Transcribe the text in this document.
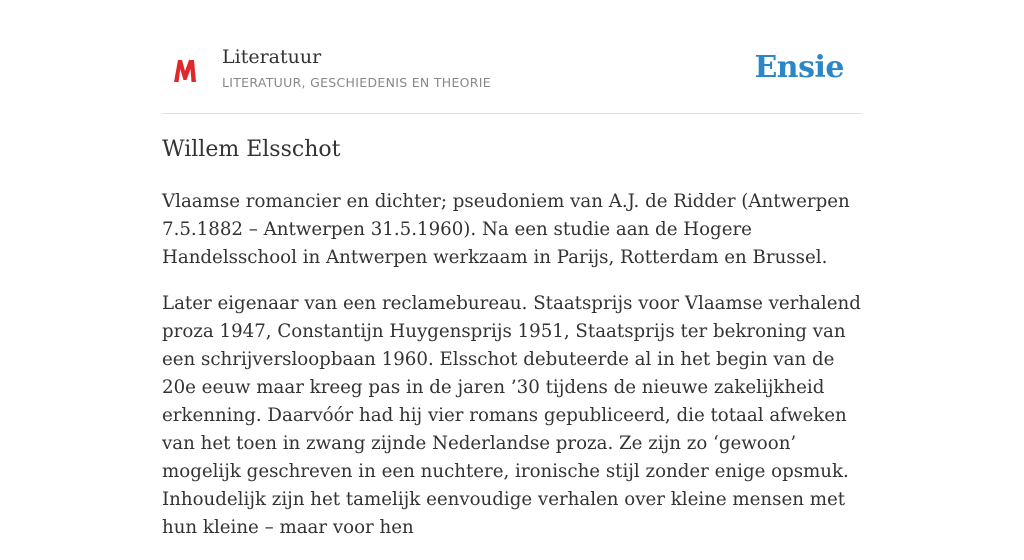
Literatuur
LITERATUUR, GESCHIEDENIS EN THEORIE	Ensie
Willem Elsschot

Vlaamse romancier en dichter; pseudoniem van A.J. de Ridder (Antwerpen 7.5.1882 – Antwerpen 31.5.1960). Na een studie aan de Hogere Handelsschool in Antwerpen werkzaam in Parijs, Rotterdam en Brussel.

Later eigenaar van een reclamebureau. Staatsprijs voor Vlaamse verhalend proza 1947, Constantijn Huygensprijs 1951, Staatsprijs ter bekroning van een schrijversloopbaan 1960. Elsschot debuteerde al in het begin van de 20e eeuw maar kreeg pas in de jaren ’30 tijdens de nieuwe zakelijkheid erkenning. Daarvóór had hij vier romans gepubliceerd, die totaal afweken van het toen in zwang zijnde Nederlandse proza. Ze zijn zo ‘gewoon’ mogelijk geschreven in een nuchtere, ironische stijl zonder enige opsmuk. Inhoudelijk zijn het tamelijk eenvoudige verhalen over kleine mensen met hun kleine – maar voor hen
